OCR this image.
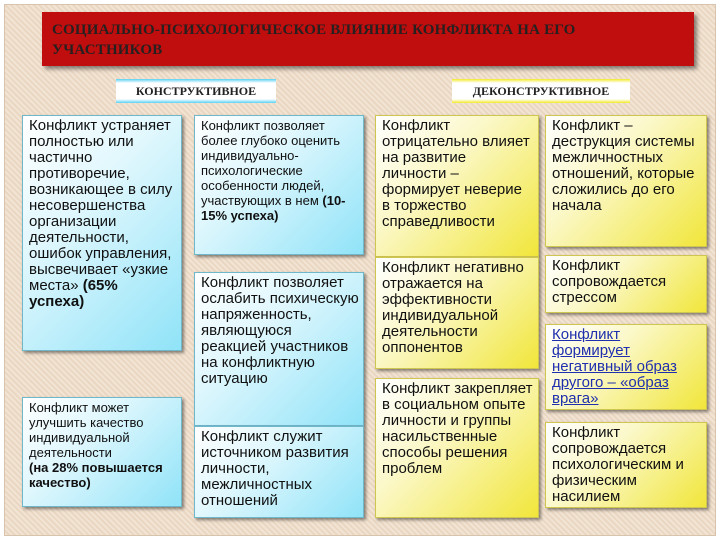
СОЦИАЛЬНО-ПСИХОЛОГИЧЕСКОЕ ВЛИЯНИЕ КОНФЛИКТА НА ЕГО УЧАСТНИКОВ
КОНСТРУКТИВНОЕ	ДЕКОНСТРУКТИВНОЕ
Конфликт устраняет полностью или частично противоречие, возникающее в силу несовершенства организации деятельности, ошибок управления, высвечивает «узкие места» (65% успеха)
Конфликт может улучшить качество индивидуальной деятельности
(на 28% повышается качество)
Конфликт позволяет более глубоко оценить индивидуально-психологические особенности людей, участвующих в нем (10-15% успеха)
Конфликт позволяет ослабить психическую напряженность, являющуюся реакцией участников на конфликтную ситуацию
Конфликт служит источником развития личности, межличностных отношений
Конфликт отрицательно влияет на развитие личности – формирует неверие в торжество справедливости
Конфликт негативно отражается на эффективности индивидуальной деятельности оппонентов
Конфликт закрепляет в социальном опыте личности и группы насильственные способы решения проблем
Конфликт – деструкция системы межличностных отношений, которые сложились до его начала
Конфликт сопровождается стрессом
Конфликт формирует негативный образ другого – «образ врага»
Конфликт сопровождается психологическим и физическим насилием
